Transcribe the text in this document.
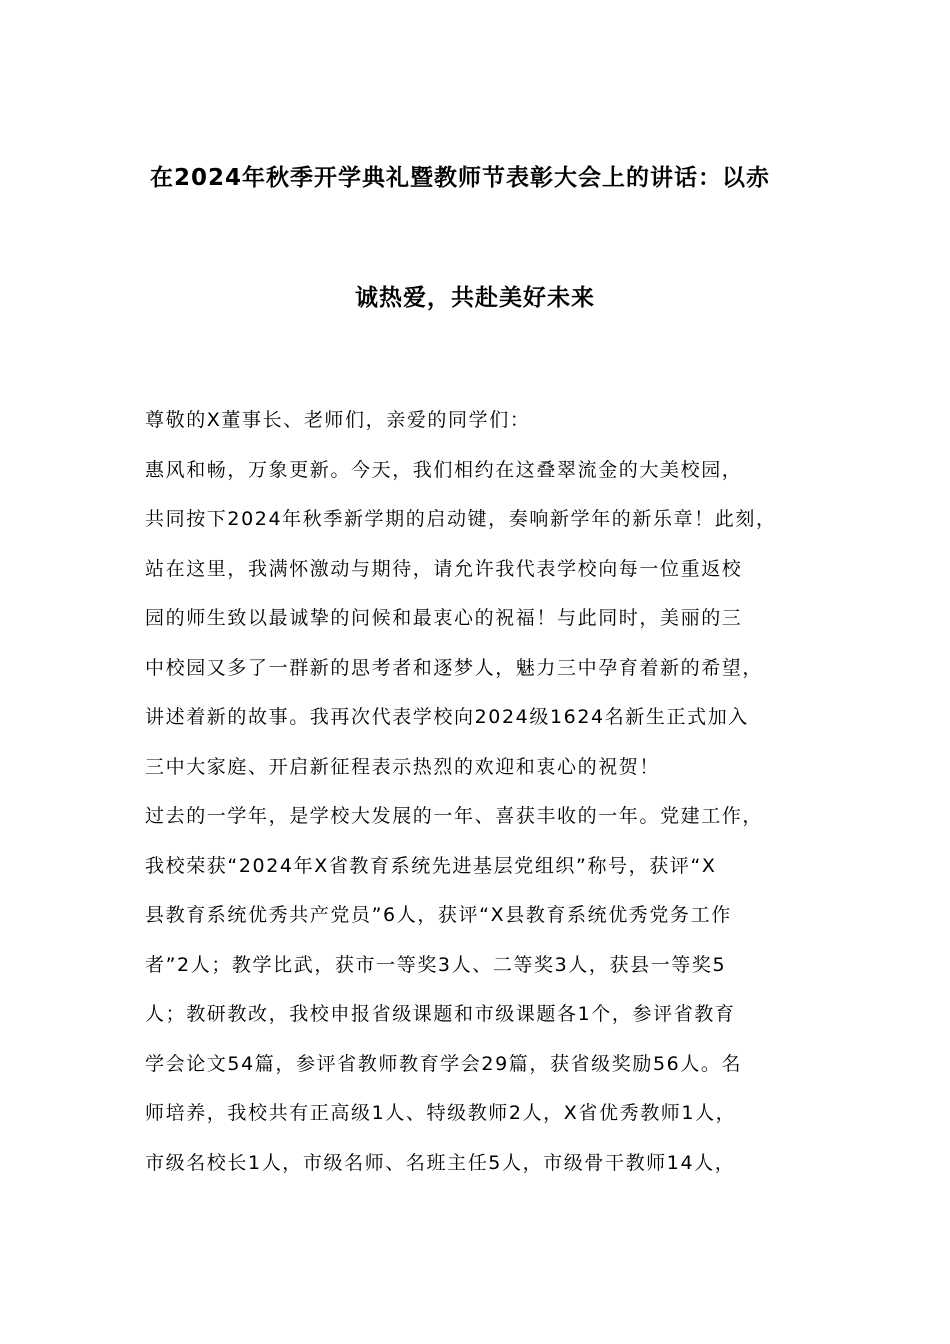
在2024年秋季开学典礼暨教师节表彰大会上的讲话：以赤
诚热爱，共赴美好未来

尊敬的X董事长、老师们，亲爱的同学们：

惠风和畅，万象更新。今天，我们相约在这叠翠流金的大美校园，
共同按下2024年秋季新学期的启动键，奏响新学年的新乐章！此刻，
站在这里，我满怀激动与期待，请允许我代表学校向每一位重返校
园的师生致以最诚挚的问候和最衷心的祝福！与此同时，美丽的三
中校园又多了一群新的思考者和逐梦人，魅力三中孕育着新的希望，
讲述着新的故事。我再次代表学校向2024级1624名新生正式加入
三中大家庭、开启新征程表示热烈的欢迎和衷心的祝贺！

过去的一学年，是学校大发展的一年、喜获丰收的一年。党建工作，
我校荣获“2024年X省教育系统先进基层党组织”称号，获评“X
县教育系统优秀共产党员”6人，获评“X县教育系统优秀党务工作
者”2人；教学比武，获市一等奖3人、二等奖3人，获县一等奖5
人；教研教改，我校申报省级课题和市级课题各1个，参评省教育
学会论文54篇，参评省教师教育学会29篇，获省级奖励56人。名
师培养，我校共有正高级1人、特级教师2人，X省优秀教师1人，
市级名校长1人，市级名师、名班主任5人，市级骨干教师14人，
